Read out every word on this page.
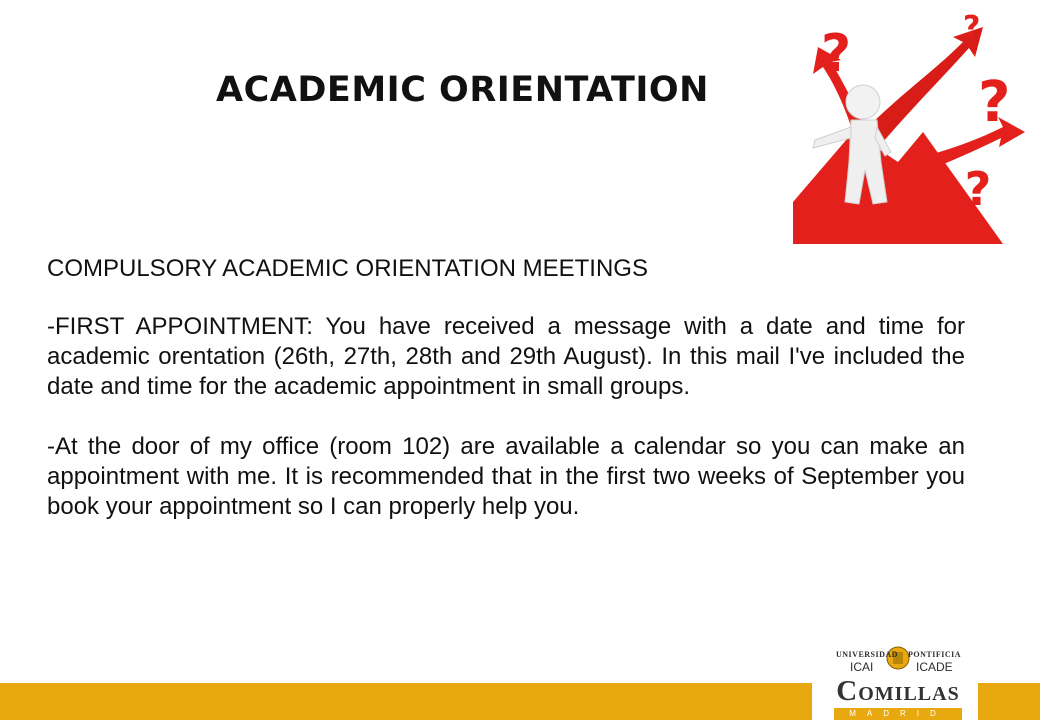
ACADEMIC ORIENTATION
?	?
?
¿?

COMPULSORY ACADEMIC ORIENTATION MEETINGS

-FIRST APPOINTMENT: You have received a message with a date and time for academic orentation (26th, 27th, 28th and 29th August). In this mail I've included the date and time for the academic appointment in small groups.

-At the door of my office (room 102) are available a calendar so you can make an appointment with me. It is recommended that in the first two weeks of September you book your appointment so I can properly help you.

UNIVERSIDAD PONTIFICIA
ICAI	ICADE
Comillas
MADRID
